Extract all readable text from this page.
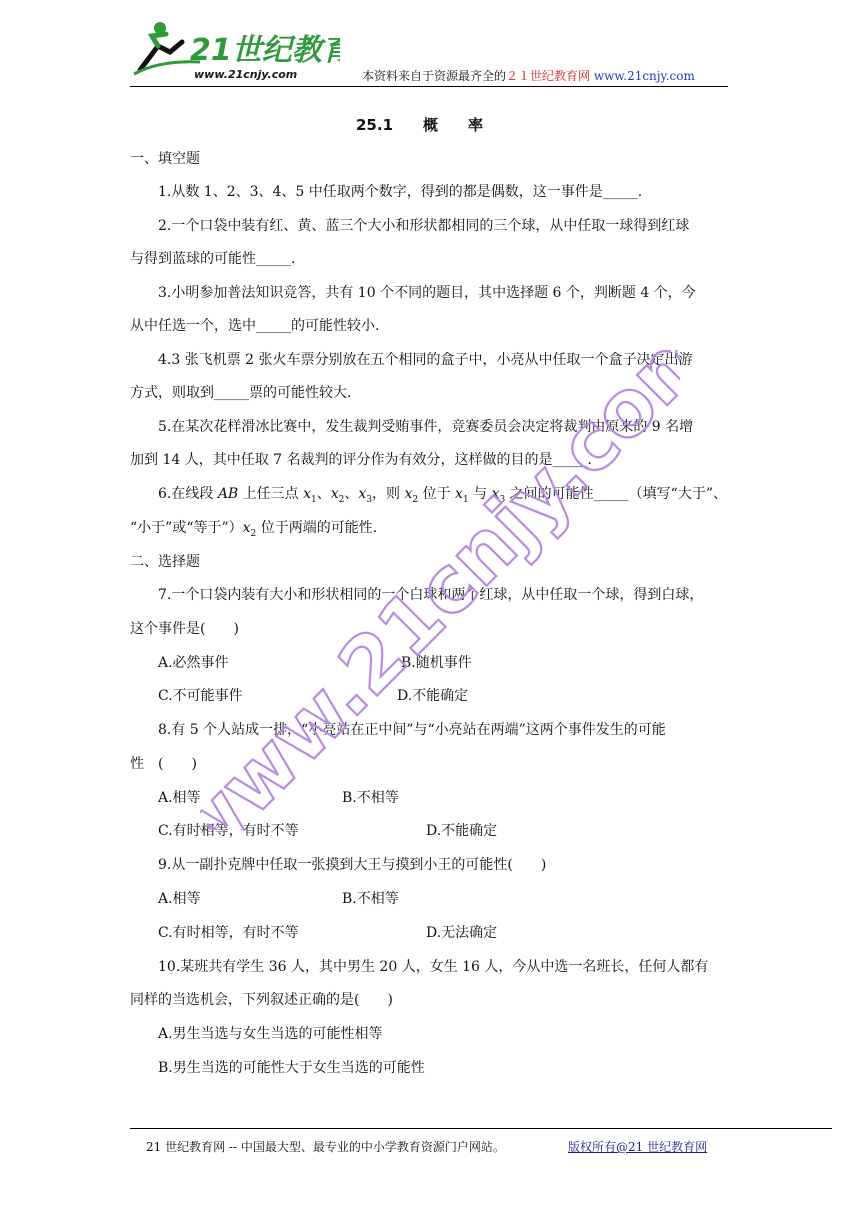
21世纪教育
www.21cnjy.com	本资料来自于资源最齐全的２１世纪教育网 www.21cnjy.com
25.1　　概　　率
一、填空题
1.从数 1、2、3、4、5 中任取两个数字，得到的都是偶数，这一事件是_____.
2.一个口袋中装有红、黄、蓝三个大小和形状都相同的三个球，从中任取一球得到红球
与得到蓝球的可能性_____.
3.小明参加普法知识竞答，共有 10 个不同的题目，其中选择题 6 个，判断题 4 个，今
从中任选一个，选中_____的可能性较小.
4.3 张飞机票 2 张火车票分别放在五个相同的盒子中，小亮从中任取一个盒子决定出游
方式，则取到_____票的可能性较大.
5.在某次花样滑冰比赛中，发生裁判受贿事件，竞赛委员会决定将裁判由原来的 9 名增
加到 14 人，其中任取 7 名裁判的评分作为有效分，这样做的目的是_____.
6.在线段 AB 上任三点 $x_1$、$x_2$、$x_3$，则 $x_2$ 位于 $x_1$ 与 $x_3$ 之间的可能性_____（填写“大于”、
“小于”或“等于$”)x_2$ 位于两端的可能性.
二、选择题
7.一个口袋内装有大小和形状相同的一个白球和两个红球，从中任取一个球，得到白球，
这个事件是(　　)
A.必然事件	B.随机事件
C.不可能事件	D.不能确定
8.有 5 个人站成一排，“小亮站在正中间”与“小亮站在两端”这两个事件发生的可能
性　(　　)
A.相等	B.不相等
C.有时相等，有时不等	D.不能确定
9.从一副扑克牌中任取一张摸到大王与摸到小王的可能性(　　)
A.相等	B.不相等
C.有时相等，有时不等	D.无法确定
10.某班共有学生 36 人，其中男生 20 人，女生 16 人，今从中选一名班长，任何人都有
同样的当选机会，下列叙述正确的是(　　)
A.男生当选与女生当选的可能性相等
B.男生当选的可能性大于女生当选的可能性
www.21cnjy.com
21 世纪教育网 -- 中国最大型、最专业的中小学教育资源门户网站。	版权所有@21 世纪教育网
